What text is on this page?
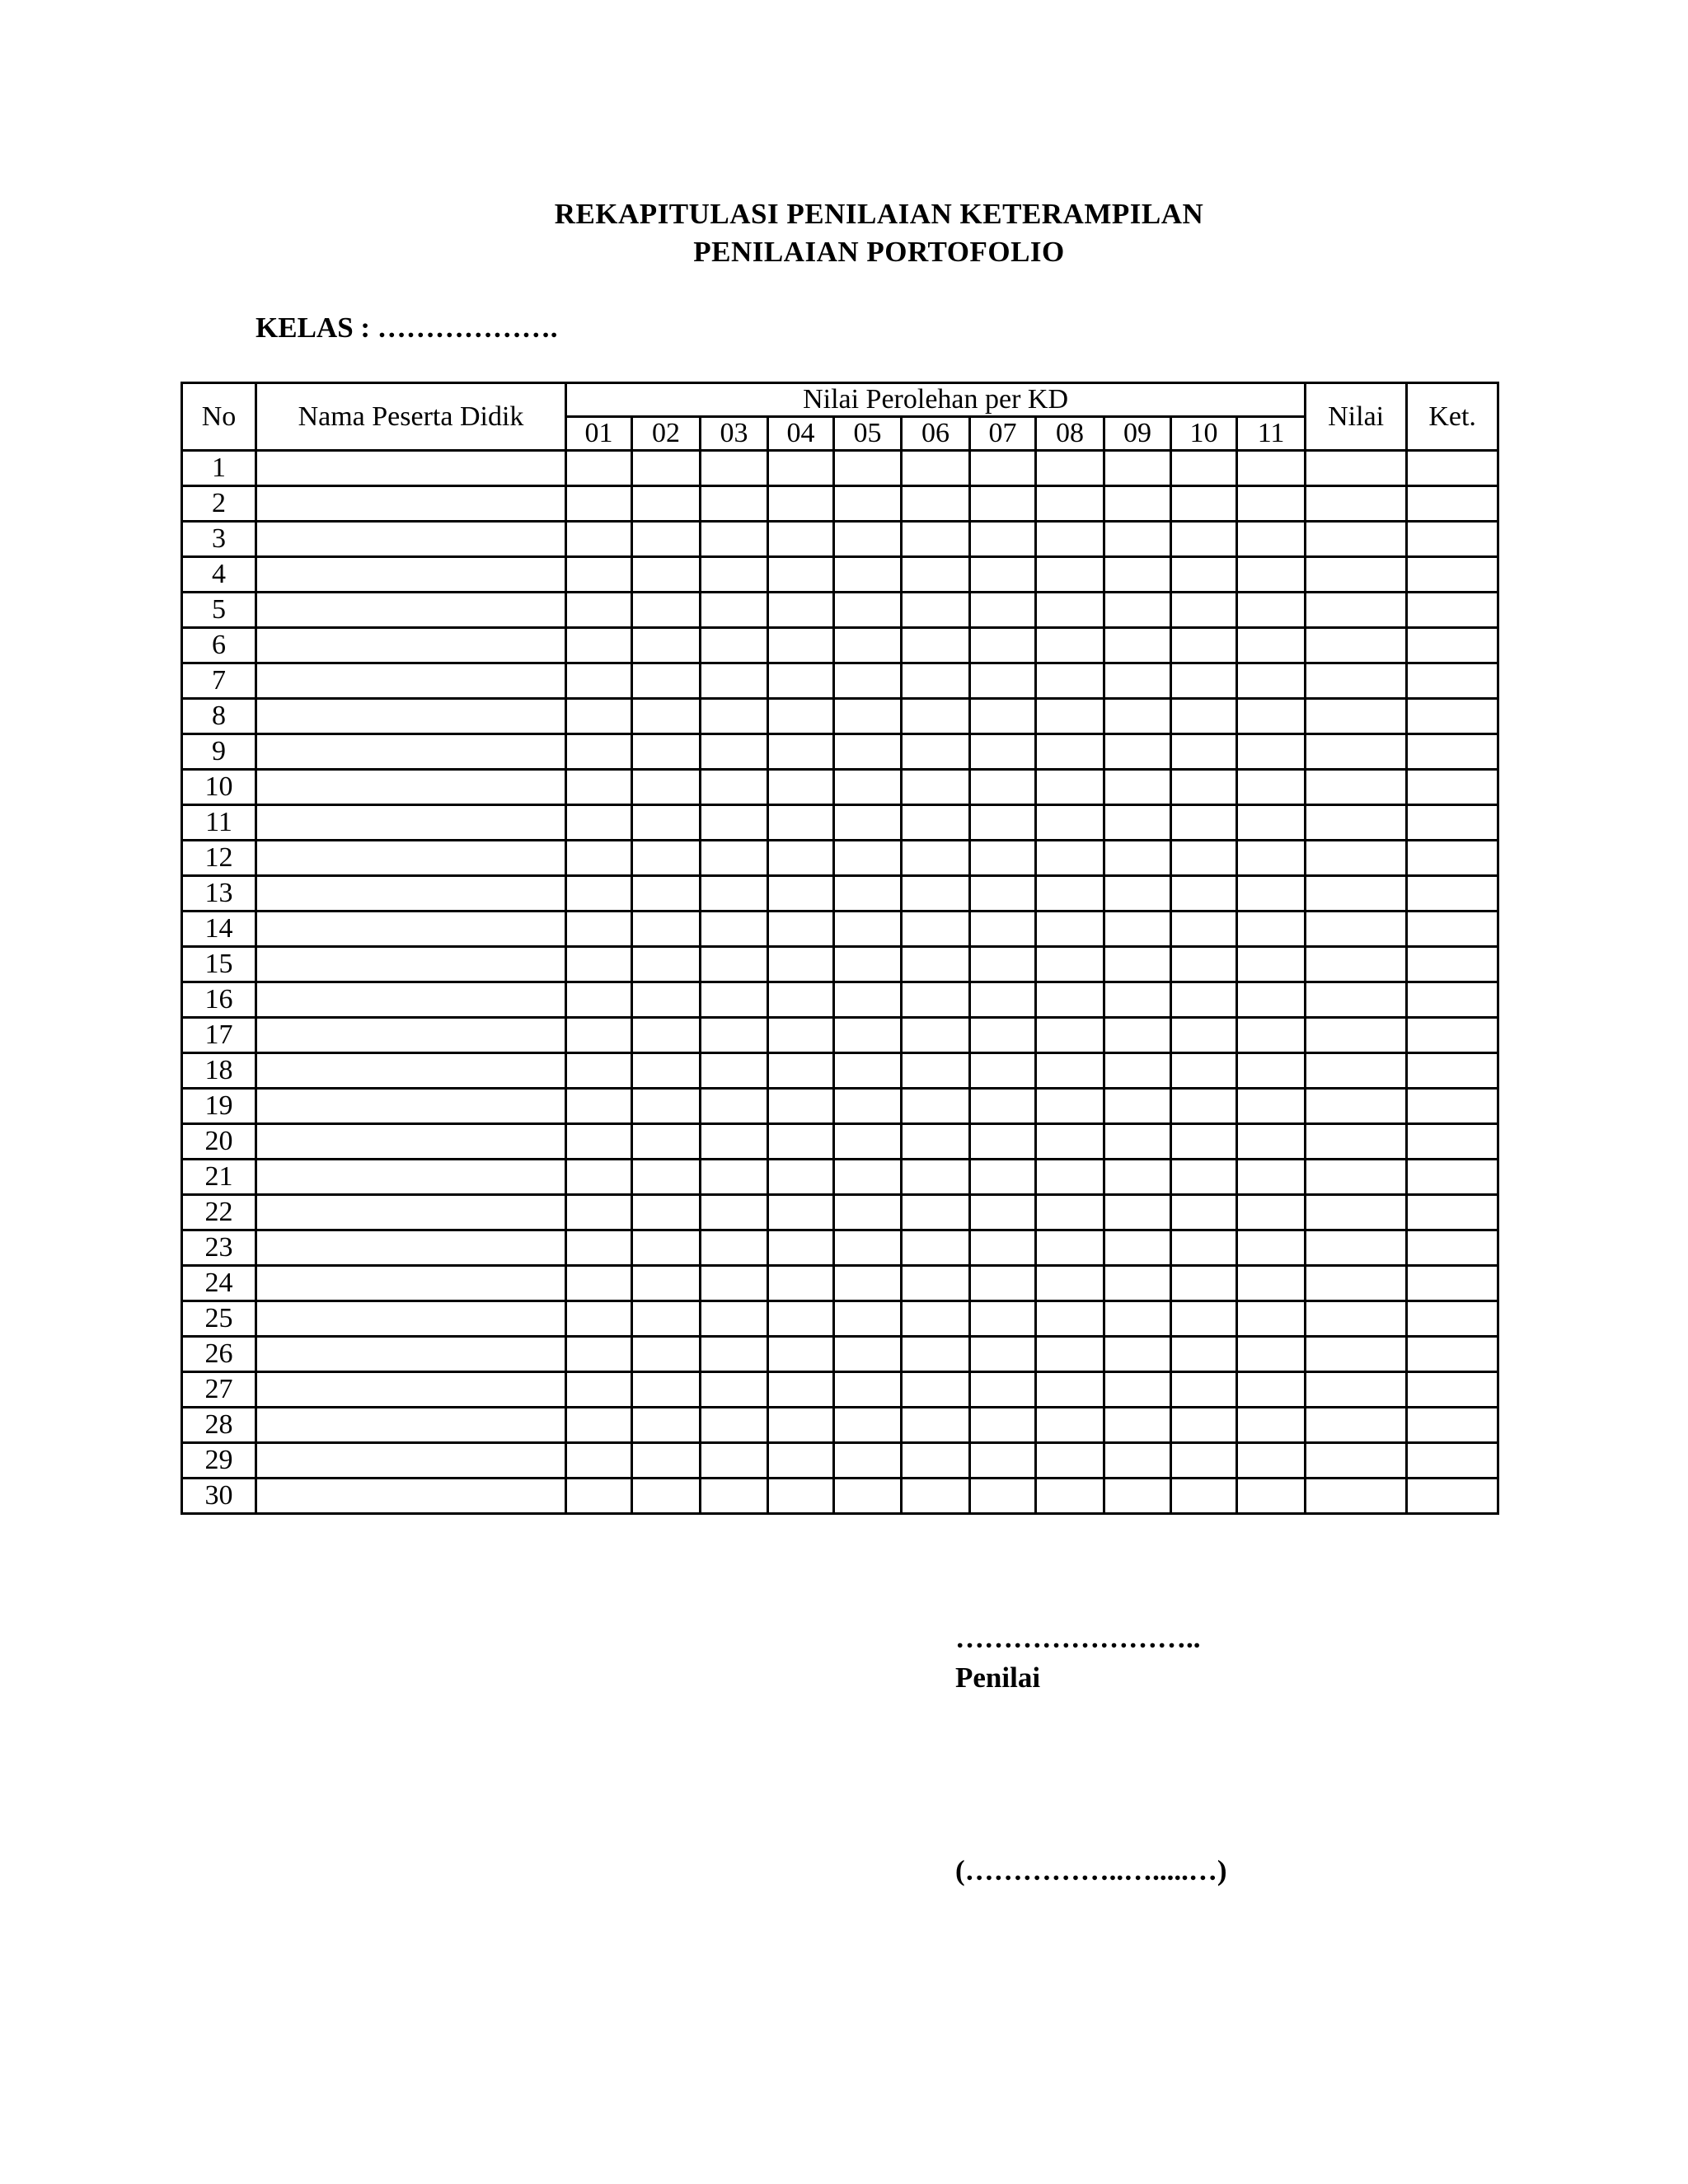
REKAPITULASI PENILAIAN KETERAMPILAN
PENILAIAN PORTOFOLIO
KELAS : ……………….
No	Nama Peserta Didik	Nilai Perolehan per KD											Nilai	Ket.
		01	02	03	04	05	06	07	08	09	10	11		
1														
2														
3														
4														
5														
6														
7														
8														
9														
10														
11														
12														
13														
14														
15														
16														
17														
18														
19														
20														
21														
22														
23														
24														
25														
26														
27														
28														
29														
30														
……………………..
Penilai
(……………..….....…)
